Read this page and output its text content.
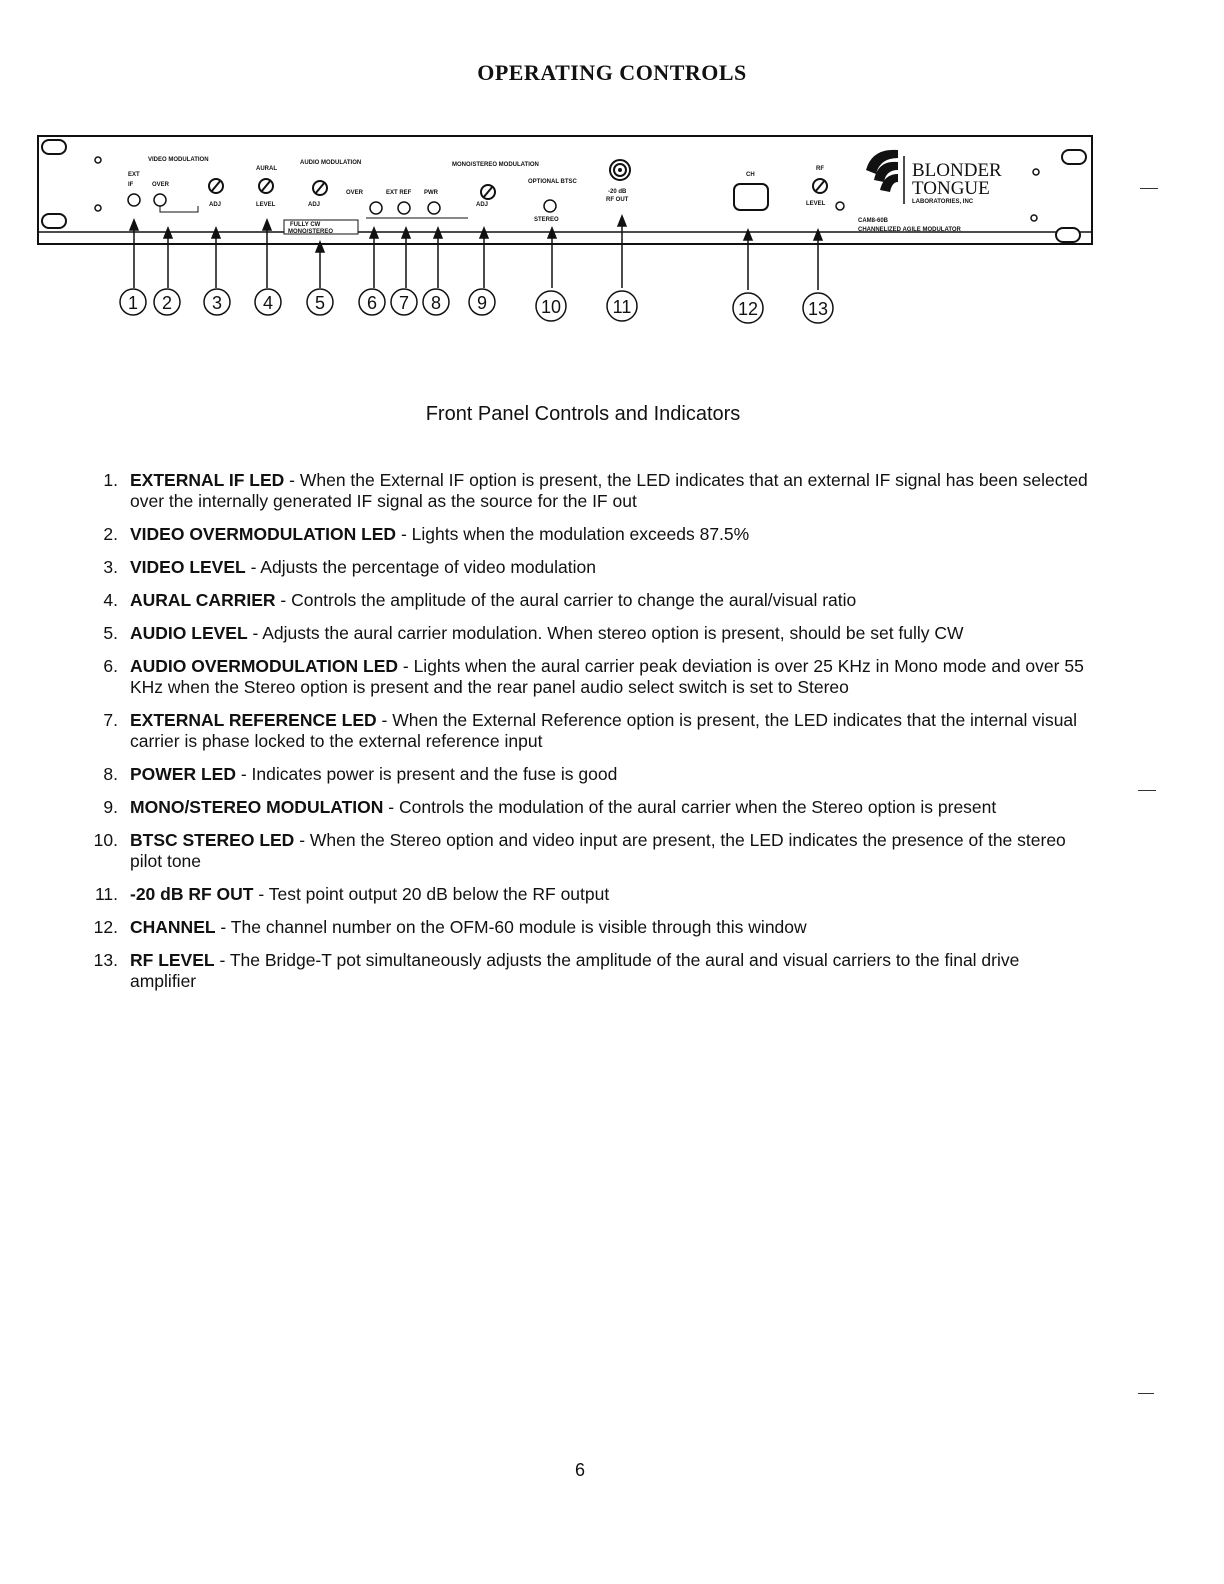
OPERATING CONTROLS
VIDEO MODULATION
EXT
IF	OVER
ADJ
AURAL
LEVEL
AUDIO MODULATION
ADJ
OVER	EXT REF PWR
MONO/STEREO MODULATION
ADJ
OPTIONAL BTSC
STEREO
-20 dB
RF OUT
CH
RF
LEVEL
FULLY CW
MONO/STEREO
BLONDER
TONGUE
LABORATORIES, INC
CAM8-60B
CHANNELIZED AGILE MODULATOR
1 2 3 4 5 6 7 8 9	10	11	12	13
Front Panel Controls and Indicators
1. EXTERNAL IF LED - When the External IF option is present, the LED indicates that an external IF signal has been selected over the internally generated IF signal as the source for the IF out
2. VIDEO OVERMODULATION LED - Lights when the modulation exceeds 87.5%
3. VIDEO LEVEL - Adjusts the percentage of video modulation
4. AURAL CARRIER - Controls the amplitude of the aural carrier to change the aural/visual ratio
5. AUDIO LEVEL - Adjusts the aural carrier modulation. When stereo option is present, should be set fully CW
6. AUDIO OVERMODULATION LED - Lights when the aural carrier peak deviation is over 25 KHz in Mono mode and over 55 KHz when the Stereo option is present and the rear panel audio select switch is set to Stereo
7. EXTERNAL REFERENCE LED - When the External Reference option is present, the LED indicates that the internal visual carrier is phase locked to the external reference input
8. POWER LED - Indicates power is present and the fuse is good
9. MONO/STEREO MODULATION - Controls the modulation of the aural carrier when the Stereo option is present
10. BTSC STEREO LED - When the Stereo option and video input are present, the LED indicates the presence of the stereo pilot tone
11. -20 dB RF OUT - Test point output 20 dB below the RF output
12. CHANNEL - The channel number on the OFM-60 module is visible through this window
13. RF LEVEL - The Bridge-T pot simultaneously adjusts the amplitude of the aural and visual carriers to the final drive amplifier
6
